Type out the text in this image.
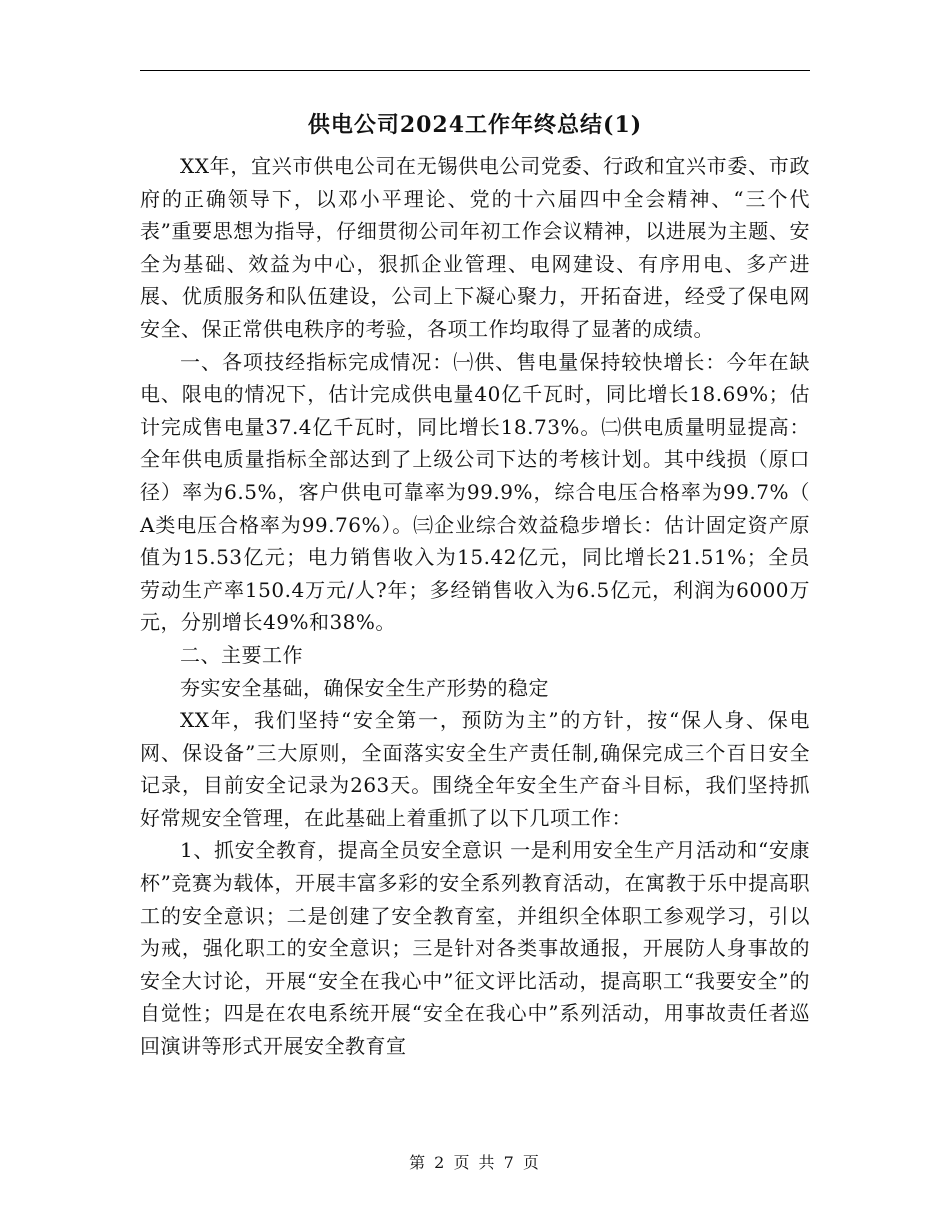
供电公司2024工作年终总结(1)

XX年，宜兴市供电公司在无锡供电公司党委、行政和宜兴市委、市政府的正确领导下，以邓小平理论、党的十六届四中全会精神、“三个代表”重要思想为指导，仔细贯彻公司年初工作会议精神，以进展为主题、安全为基础、效益为中心，狠抓企业管理、电网建设、有序用电、多产进展、优质服务和队伍建设，公司上下凝心聚力，开拓奋进，经受了保电网安全、保正常供电秩序的考验，各项工作均取得了显著的成绩。

一、各项技经指标完成情况：㈠供、售电量保持较快增长：今年在缺电、限电的情况下，估计完成供电量40亿千瓦时，同比增长18.69%；估计完成售电量37.4亿千瓦时，同比增长18.73%。㈡供电质量明显提高：全年供电质量指标全部达到了上级公司下达的考核计划。其中线损（原口径）率为6.5%，客户供电可靠率为99.9%，综合电压合格率为99.7%（ A类电压合格率为99.76%）。㈢企业综合效益稳步增长：估计固定资产原值为15.53亿元；电力销售收入为15.42亿元，同比增长21.51%；全员劳动生产率150.4万元/人?年；多经销售收入为6.5亿元，利润为6000万元，分别增长49%和38%。

二、主要工作

夯实安全基础，确保安全生产形势的稳定

XX年，我们坚持“安全第一，预防为主”的方针，按“保人身、保电网、保设备”三大原则，全面落实安全生产责任制,确保完成三个百日安全记录，目前安全记录为263天。围绕全年安全生产奋斗目标，我们坚持抓好常规安全管理，在此基础上着重抓了以下几项工作：

1、抓安全教育，提高全员安全意识 一是利用安全生产月活动和“安康杯”竞赛为载体，开展丰富多彩的安全系列教育活动，在寓教于乐中提高职工的安全意识；二是创建了安全教育室，并组织全体职工参观学习，引以为戒，强化职工的安全意识；三是针对各类事故通报，开展防人身事故的安全大讨论，开展“安全在我心中”征文评比活动，提高职工“我要安全”的自觉性；四是在农电系统开展“安全在我心中”系列活动，用事故责任者巡回演讲等形式开展安全教育宣

第 2 页 共 7 页
